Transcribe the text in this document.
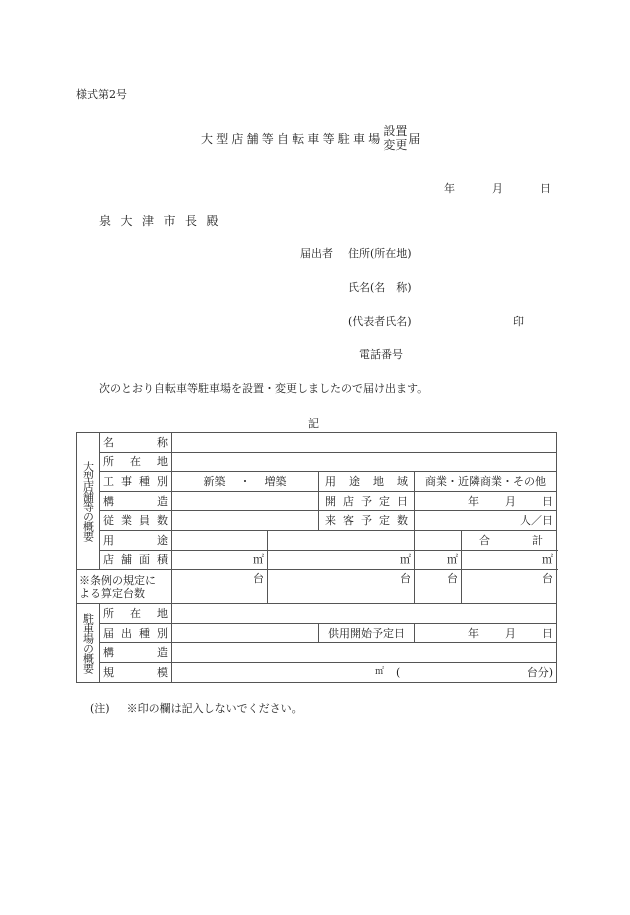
様式第2号
大型店舗等自転車等駐車場
設置
変更 届
年	月	日
泉大津市長殿
届出者 住所(所在地)
氏名(名　称)
(代表者氏名)	印
電話番号
次のとおり自転車等駐車場を設置・変更しましたので届け出ます。
記
大型店舗等の概要	名 称					

	所 在 地					

	工 事 種 別	新築 ・ 増築		用 途 地 域	商業・近隣商業・その他	

	構 造			開 店 予 定 日	年 月 日	

	従 業 員 数			来 客 予 定 数	人／日	

	用 途					合 計

	店 舗 面 積	㎡	㎡		㎡	㎡

※条例の規定に
よる算定台数		台	台		台	台
駐車場の概要	所 在 地					

	届 出 種 別			供用開始予定日	年 月 日	

	構 造					

	規 模	㎡ ( 台分)				
(注) ※印の欄は記入しないでください。
